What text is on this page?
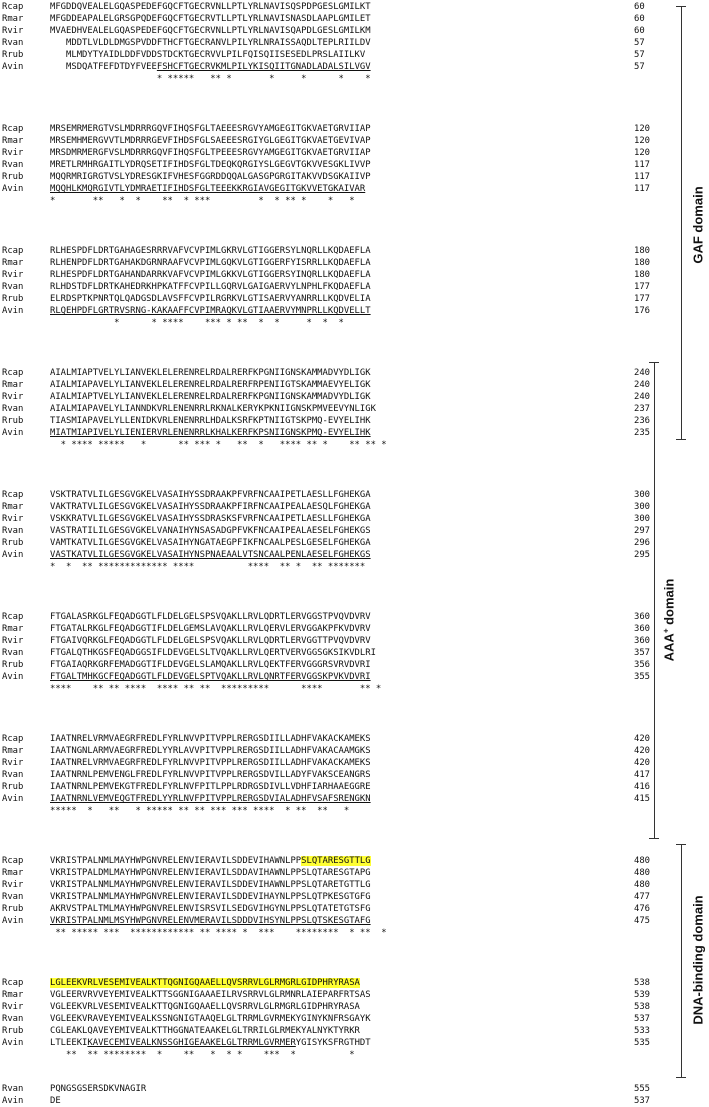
Rcap	MFGDDQVEALELGQASPEDEFGQCFTGECRVNLLPTLYRLNAVISQSPDPGESLGMILKT	60
Rmar	MFGDDEAPALELGRSGPQDEFGQCFTGECRVTLLPTLYRLNAVISNASDLAAPLGMILET	60
Rvir	MVAEDHVEALELGQASPEDEFGQCFTGECRVNLLPTLYRLNAVISQAPDLGESLGMILKM	60
Rvan	MDDTLVLDLDMGSPVDDFTHCFTGECRANVLPILYRLNRAISSAQDLTEPLRIILDV	57
Rrub	MLMDYTYAIDLDDFVDDSTDCKTGECRVVLPILFQISQIISESEDLPRSLAIILKV	57
Avin	MSDQATFEFDTDYFVEEFSHCFTGECRVKMLPILYKISQIITGNADLADALSILVGV	57
* *****   ** *       *     *      *    *
Rcap	MRSEMRMERGTVSLMDRRRGQVFIHQSFGLTAEEESRGVYAMGEGITGKVAETGRVIIAP	120
Rmar	MRSEMHMERGVVTLMDRRRGEVFIHDSFGLSAEEESRGIYGLGEGITGKVAETGEVIVAP	120
Rvir	MRSDMRMERGFVSLMDRRRGQVFIHQSFGLTPEEESRGVYAMGEGITGKVAETGRVIIAP	120
Rvan	MRETLRMHRGAITLYDRQSETIFIHDSFGLTDEQKQRGIYSLGEGVTGKVVESGKLIVVP	117
Rrub	MQQRMRIGRGTVSLYDRESGKIFVHESFGGRDDQQALGASGPGRGITAKVVDSGKAIIVP	117
Avin	MQQHLKMQRGIVTLYDMRAETIFIHDSFGLTEEEKKRGIAVGEGITGKVVETGKAIVAR	117
*       **   *  *    **  * ***         *  * ** *    *   *
Rcap	RLHESPDFLDRTGAHAGESRRRVAFVCVPIMLGKRVLGTIGGERSYLNQRLLKQDAEFLA	180
Rmar	RLHENPDFLDRTGAHAKDGRNRAAFVCVPIMLGQKVLGTIGGERFYISRRLLKQDAEFLA	180
Rvir	RLHESPDFLDRTGAHANDARRKVAFVCVPIMLGKKVLGTIGGERSYINQRLLKQDAEFLA	180
Rvan	RLHDSTDFLDRTKAHEDRKHPKATFFCVPILLGQRVLGAIGAERVYLNPHLFKQDAEFLA	177
Rrub	ELRDSPTKPNRTQLQADGSDLAVSFFCVPILRGRKVLGTISAERVYANRRLLKQDVELIA	177
Avin	RLQEHPDFLGRTRVSRNG-KAKAAFFCVPIMRAQKVLGTIAAERVYMNPRLLKQDVELLT	176
*      * ****    *** * **  *  *     *  *  *
Rcap	AIALMIAPTVELYLIANVEKLELERENRELRDALRERFKPGNIIGNSKAMMADVYDLIGK	240
Rmar	AIALMIAPAVELYLIANVEKLELERENRELRDALRERFRPENIIGTSKAMMAEVYELIGK	240
Rvir	AIALMIAPTVELYLIANVEKLELERENRELRDALRERFKPGNIIGNSKAMMADVYDLIGK	240
Rvan	AIALMIAPAVELYLIANNDKVRLENENRRLRKNALKERYKPKNIIGNSKPMVEEVYNLIGK	237
Rrub	TIASMIAPAVELYLLENIDKVRLENENRRLHDALKSRFKPTNIIGTSKPMQ-EVYELIHK	236
Avin	MIATMIAPIVELYLIENIERVRLENENRRLKHALKERFKPSNIIGNSKPMQ-EVYELIHK	235
* **** *****   *      ** *** *   **  *   **** ** *    ** ** *
Rcap	VSKTRATVLILGESGVGKELVASAIHYSSDRAAKPFVRFNCAAIPETLAESLLFGHEKGA	300
Rmar	VAKTRATVLILGESGVGKELVASAIHYSSDRAAKPFIRFNCAAIPEALAESQLFGHEKGA	300
Rvir	VSKKRATVLILGESGVGKELVASAIHYSSDRASKSFVRFNCAAIPETLAESLLFGHEKGA	300
Rvan	VASTRATILILGESGVGKELVANAIHYNSASADGPFVKFNCAAIPEALAESELFGHEKGS	297
Rrub	VAMTKATVLILGESGVGKELVASAIHYNGATAEGPFIKFNCAALPESLGESELFGHEKGA	296
Avin	VASTKATVLILGESGVGKELVASAIHYNSPNAEAALVTSNCAALPENLAESELFGHEKGS	295
*  *  ** ************* ****          ****  ** *  ** *******
Rcap	FTGALASRKGLFEQADGGTLFLDELGELSPSVQAKLLRVLQDRTLERVGGSTPVQVDVRV	360
Rmar	FTGATALRKGLFEQADGGTIFLDELGEMSLAVQAKLLRVLQERVLERVGGAKPFKVDVRV	360
Rvir	FTGAIVQRKGLFEQADGGTLFLDELGELSPSVQAKLLRVLQDRTLERVGGTTPVQVDVRV	360
Rvan	FTGALQTHKGSFEQADGGSIFLDEVGELSLTVQAKLLRVLQERTVERVGGSGKSIKVDLRI	357
Rrub	FTGAIAQRKGRFEMADGGTIFLDEVGELSLAMQAKLLRVLQEKTFERVGGGRSVRVDVRI	356
Avin	FTGALTMHKGCFEQADGGTLFLDEVGELSPTVQAKLLRVLQNRTFERVGGSKPVKVDVRI	355
****    ** ** ****  **** ** **  *********      ****       ** *
Rcap	IAATNRELVRMVAEGRFREDLFYRLNVVPITVPPLRERGSDIILLADHFVAKACKAMEKS	420
Rmar	IAATNGNLARMVAEGRFREDLYYRLAVVPITVPPLRERGSDIILLADHFVAKACAAMGKS	420
Rvir	IAATNRELVRMVAEGRFREDLFYRLNVVPITVPPLRERGSDIILLADHFVAKACKAMEKS	420
Rvan	IAATNRNLPEMVENGLFREDLFYRLNVVPITVPPLRERGSDVILLADYFVAKSCEANGRS	417
Rrub	IAATNRNLPEMVEKGTFREDLFYRLNVFPITLPPLRDRGSDIVLLVDHFIARHAAEGGRE	416
Avin	IAATNRNLVEMVEQGTFREDLYYRLNVFPITVPPLRERGSDVIALADHFVSAFSRENGKN	415
*****  *   **   * ***** ** ** *** *** ****  * **  **   *
Rcap	VKRISTPALNMLMAYHWPGNVRELENVIERAVILSDDEVIHAWNLPPSLQTARESGTTLG	480
Rmar	VKRISTPALDMLMAYHWPGNVRELENVIERAVILSDDAVIHAWNLPPSLQTARESGTAPG	480
Rvir	VKRISTPALNMLMAYHWPGNVRELENVIERAVILSDDEVIHAWNLPPSLQTARETGTTLG	480
Rvan	VKRISTPALNMLMAYHWPGNVRELENVIERAVILSDDEVIHAYNLPPSLQTPKESGTGFG	477
Rrub	AKRVSTPALTMLMAYHWPGNVRELENVISRSVILSEDGVIHGYNLPPSLQTATETGTSFG	476
Avin	VKRISTPALNMLMSYHWPGNVRELENVMERAVILSDDDVIHSYNLPPSLQTSKESGTAFG	475
** ***** ***  ************ ** **** *  ***    ********  * **  *
Rcap	LGLEEKVRLVESEMIVEALKTTQGNIGQAAELLQVSRRVLGLRMGRLGIDPHRYRASA	538
Rmar	VGLEERVRVVEYEMIVEALKTTSGGNIGAAAEILRVSRRVLGLRMNRLAIEPARFRTSAS	539
Rvir	VGLEEKVRLVESEMIVEALKTTQGNIGQAAELLQVSRRVLGLRMGRLGIDPHRYRASA	538
Rvan	VGLEEKVRAVEYEMIVEALKSSNGNIGTAAQELGLTRRMLGVRMEKYGINYKNFRSGAYK	537
Rrub	CGLEAKLQAVEYEMIVEALKTTHGGNATEAAKELGLTRRILGLRMEKYALNYKTYRKR	533
Avin	LTLEEKIKAVECEMIVEALKNSSGHIGEAAKELGLTRRMLGVRMERYGISYKSFRGTHDT	535
**  ** ********  *    **   *  * *    ***  *          *
Rvan	PQNGSGSERSDKVNAGIR	555
Avin	DE	537
GAF domain
AAA+ domain
DNA-binding domain
